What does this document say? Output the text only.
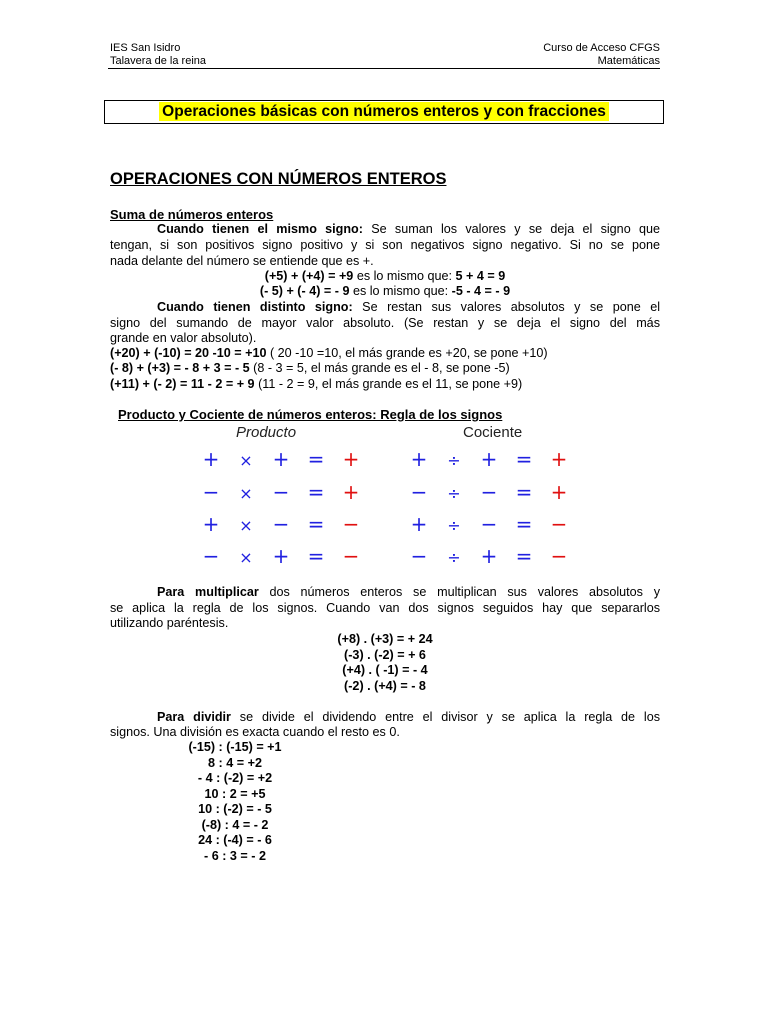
IES San Isidro
Talavera de la reina
Curso de Acceso CFGS
Matemáticas
Operaciones básicas con números enteros y con fracciones
OPERACIONES CON NÚMEROS ENTEROS
Suma de números enteros
Cuando tienen el mismo signo: Se suman los valores y se deja el signo que
tengan, si son positivos signo positivo y si son negativos signo negativo. Si no se pone
nada delante del número se entiende que es +.
(+5) + (+4) = +9 es lo mismo que: 5 + 4 = 9
(- 5) + (- 4) = - 9 es lo mismo que: -5 - 4 = - 9
Cuando tienen distinto signo: Se restan sus valores absolutos y se pone el
signo del sumando de mayor valor absoluto. (Se restan y se deja el signo del más
grande en valor absoluto).
(+20) + (-10) = 20 -10 = +10 ( 20 -10 =10, el más grande es +20, se pone +10)
(- 8) + (+3) = - 8 + 3 = - 5 (8 - 3 = 5, el más grande es el - 8, se pone -5)
(+11) + (- 2) = 11 - 2 = + 9 (11 - 2 = 9, el más grande es el 11, se pone +9)
Producto y Cociente de números enteros: Regla de los signos
Producto	Cociente
+	× + = +	+	÷ + = +
−	× − = +	−	÷ − = +
+	× − = −	+	÷ − = −
−	× + = −	−	÷ + = −
Para multiplicar dos números enteros se multiplican sus valores absolutos y
se aplica la regla de los signos. Cuando van dos signos seguidos hay que separarlos
utilizando paréntesis.
(+8) . (+3) = + 24
(-3) . (-2) = + 6
(+4) . ( -1) = - 4
(-2) . (+4) = - 8
Para dividir se divide el dividendo entre el divisor y se aplica la regla de los
signos. Una división es exacta cuando el resto es 0.
(-15) : (-15) = +1
8 : 4 = +2
- 4 : (-2) = +2
10 : 2 = +5
10 : (-2) = - 5
(-8) : 4 = - 2
24 : (-4) = - 6
- 6 : 3 = - 2
